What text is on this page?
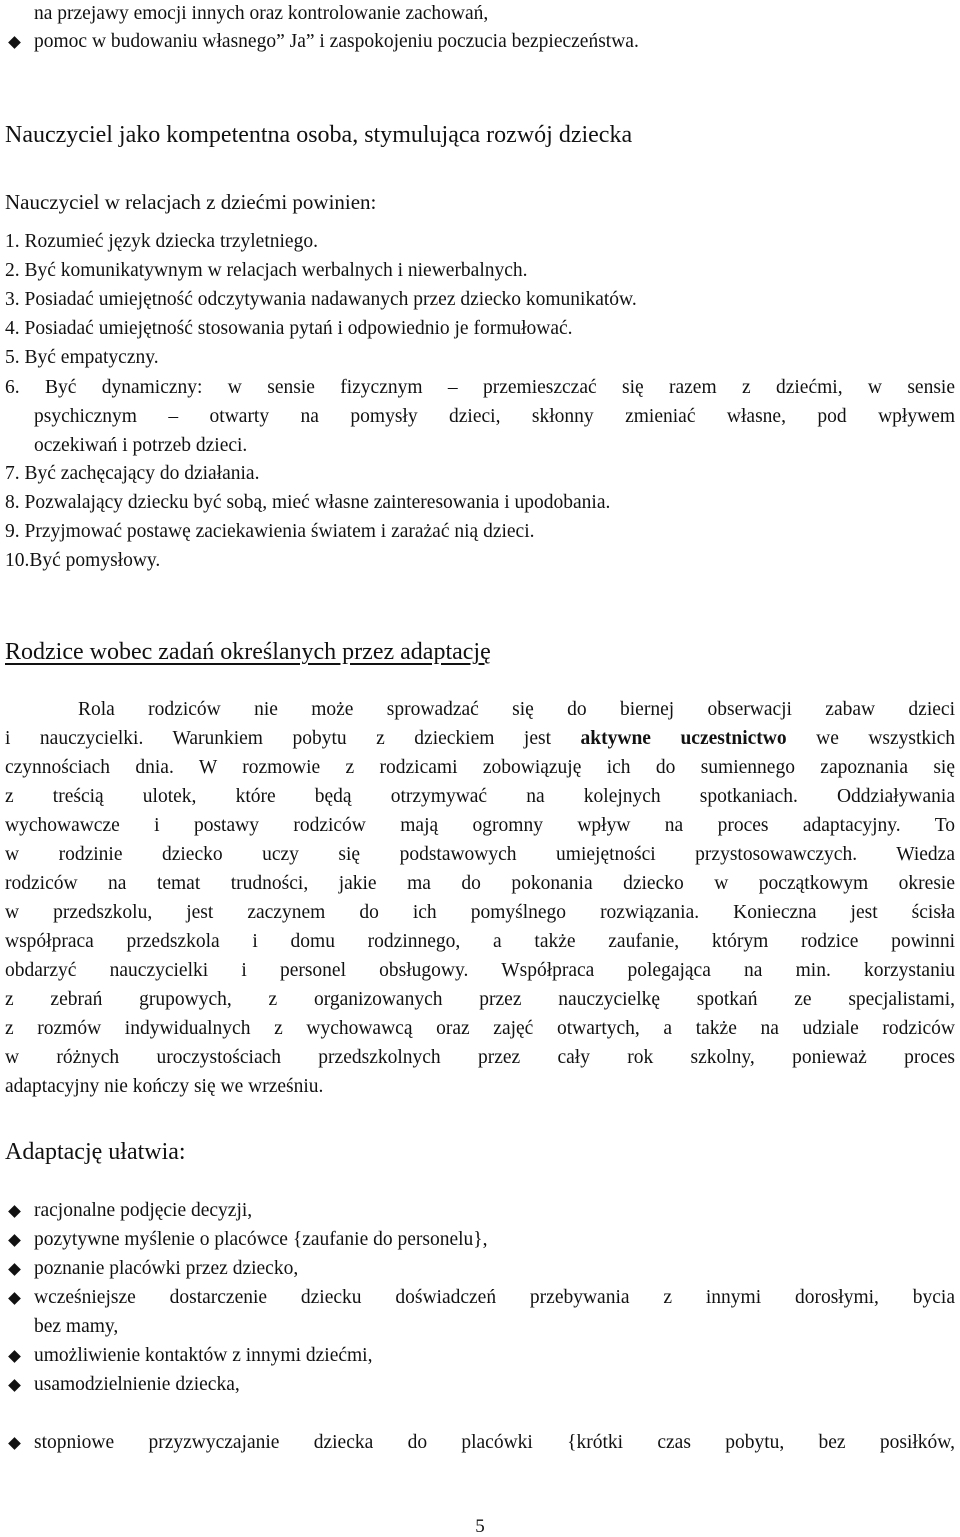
na przejawy emocji innych oraz kontrolowanie zachowań,
pomoc w budowaniu własnego” Ja” i zaspokojeniu poczucia bezpieczeństwa.
Nauczyciel jako kompetentna osoba, stymulująca rozwój dziecka
Nauczyciel w relacjach z dziećmi powinien:
1. Rozumieć język dziecka trzyletniego.
2. Być komunikatywnym w relacjach werbalnych i niewerbalnych.
3. Posiadać umiejętność odczytywania nadawanych przez dziecko komunikatów.
4. Posiadać umiejętność stosowania pytań i odpowiednio je formułować.
5. Być empatyczny.
6. Być dynamiczny: w sensie fizycznym – przemieszczać się razem z dziećmi, w sensie
psychicznym – otwarty na pomysły dzieci, skłonny zmieniać własne, pod wpływem
oczekiwań i potrzeb dzieci.
7. Być zachęcający do działania.
8. Pozwalający dziecku być sobą, mieć własne zainteresowania i upodobania.
9. Przyjmować postawę zaciekawienia światem i zarażać nią dzieci.
10.Być pomysłowy.
Rodzice wobec zadań określanych przez adaptację
Rola rodziców nie może sprowadzać się do biernej obserwacji zabaw dzieci
i nauczycielki. Warunkiem pobytu z dzieckiem jest aktywne uczestnictwo we wszystkich
czynnościach dnia. W rozmowie z rodzicami zobowiązuję ich do sumiennego zapoznania się
z treścią ulotek, które będą otrzymywać na kolejnych spotkaniach. Oddziaływania
wychowawcze i postawy rodziców mają ogromny wpływ na proces adaptacyjny. To
w rodzinie dziecko uczy się podstawowych umiejętności przystosowawczych. Wiedza
rodziców na temat trudności, jakie ma do pokonania dziecko w początkowym okresie
w przedszkolu, jest zaczynem do ich pomyślnego rozwiązania. Konieczna jest ścisła
współpraca przedszkola i domu rodzinnego, a także zaufanie, którym rodzice powinni
obdarzyć nauczycielki i personel obsługowy. Współpraca polegająca na min. korzystaniu
z zebrań grupowych, z organizowanych przez nauczycielkę spotkań ze specjalistami,
z rozmów indywidualnych z wychowawcą oraz zajęć otwartych, a także na udziale rodziców
w różnych uroczystościach przedszkolnych przez cały rok szkolny, ponieważ proces
adaptacyjny nie kończy się we wrześniu.
Adaptację ułatwia:
racjonalne podjęcie decyzji,
pozytywne myślenie o placówce {zaufanie do personelu},
poznanie placówki przez dziecko,
wcześniejsze dostarczenie dziecku doświadczeń przebywania z innymi dorosłymi, bycia
bez mamy,
umożliwienie kontaktów z innymi dziećmi,
usamodzielnienie dziecka,
stopniowe przyzwyczajanie dziecka do placówki {krótki czas pobytu, bez posiłków,
5
